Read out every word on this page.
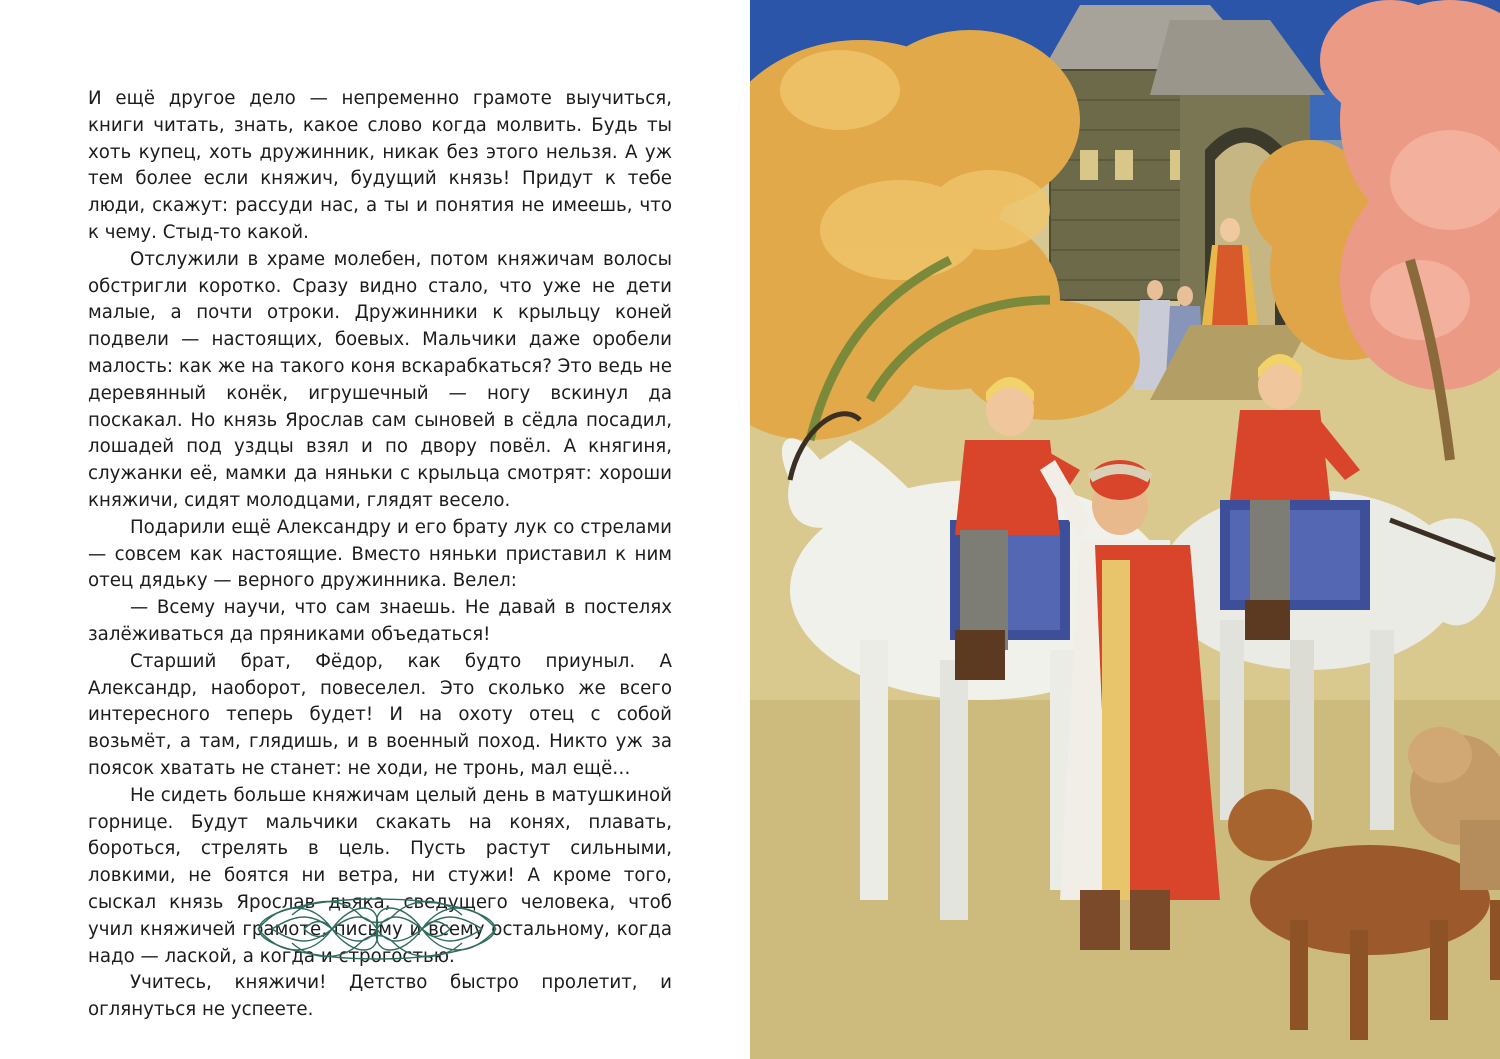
И ещё другое дело — непременно грамоте выучиться, книги читать, знать, какое слово когда молвить. Будь ты хоть купец, хоть дружинник, никак без этого нельзя. А уж тем более если княжич, будущий князь! Придут к тебе люди, скажут: рассуди нас, а ты и понятия не имеешь, что к чему. Стыд-то какой.

Отслужили в храме молебен, потом княжичам волосы обстригли коротко. Сразу видно стало, что уже не дети малые, а почти отроки. Дружинники к крыльцу коней подвели — настоящих, боевых. Мальчики даже оробели малость: как же на такого коня вскарабкаться? Это ведь не деревянный конёк, игрушечный — ногу вскинул да поскакал. Но князь Ярослав сам сыновей в сёдла посадил, лошадей под уздцы взял и по двору повёл. А княгиня, служанки её, мамки да няньки с крыльца смотрят: хороши княжичи, сидят молодцами, глядят весело.

Подарили ещё Александру и его брату лук со стрелами — совсем как настоящие. Вместо няньки приставил к ним отец дядьку — верного дружинника. Велел:

— Всему научи, что сам знаешь. Не давай в постелях залёживаться да пряниками объедаться!

Старший брат, Фёдор, как будто приуныл. А Александр, наоборот, повеселел. Это сколько же всего интересного теперь будет! И на охоту отец с собой возьмёт, а там, глядишь, и в военный поход. Никто уж за поясок хватать не станет: не ходи, не тронь, мал ещё…

Не сидеть больше княжичам целый день в матушкиной горнице. Будут мальчики скакать на конях, плавать, бороться, стрелять в цель. Пусть растут сильными, ловкими, не боятся ни ветра, ни стужи! А кроме того, сыскал князь Ярослав дьяка, сведущего человека, чтоб учил княжичей грамоте, письму и всему остальному, когда надо — лаской, а когда и строгостью.

Учитесь, княжичи! Детство быстро пролетит, и оглянуться не успеете.
